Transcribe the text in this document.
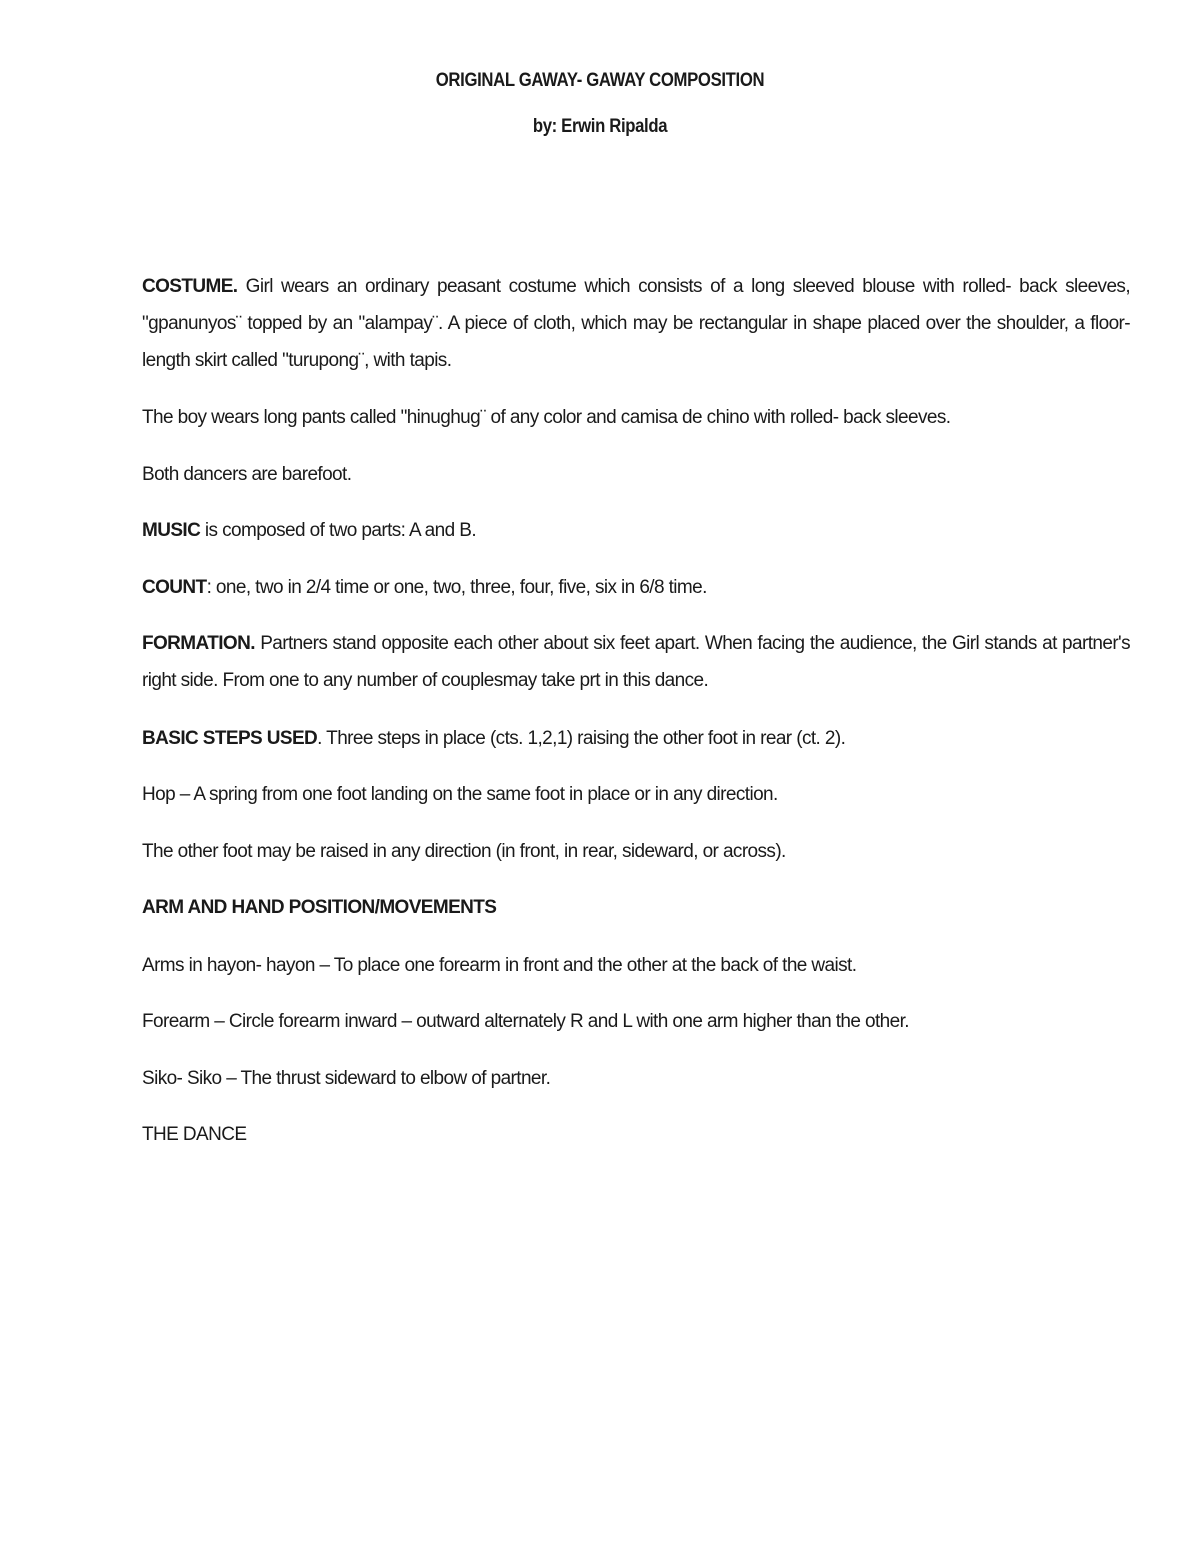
ORIGINAL GAWAY- GAWAY COMPOSITION
by: Erwin Ripalda
COSTUME. Girl wears an ordinary peasant costume which consists of a long sleeved blouse with rolled- back sleeves, "gpanunyos¨ topped by an "alampay¨. A piece of cloth, which may be rectangular in shape placed over the shoulder, a floor- length skirt called "turupong¨, with tapis.
The boy wears long pants called "hinughug¨ of any color and camisa de chino with rolled- back sleeves.
Both dancers are barefoot.
MUSIC is composed of two parts: A and B.
COUNT: one, two in 2/4 time or one, two, three, four, five, six in 6/8 time.
FORMATION. Partners stand opposite each other about six feet apart. When facing the audience, the Girl stands at partner's right side. From one to any number of couplesmay take prt in this dance.
BASIC STEPS USED. Three steps in place (cts. 1,2,1) raising the other foot in rear (ct. 2).
Hop – A spring from one foot landing on the same foot in place or in any direction.
The other foot may be raised in any direction (in front, in rear, sideward, or across).
ARM AND HAND POSITION/MOVEMENTS
Arms in hayon- hayon – To place one forearm in front and the other at the back of the waist.
Forearm – Circle forearm inward – outward alternately R and L with one arm higher than the other.
Siko- Siko – The thrust sideward to elbow of partner.
THE DANCE
